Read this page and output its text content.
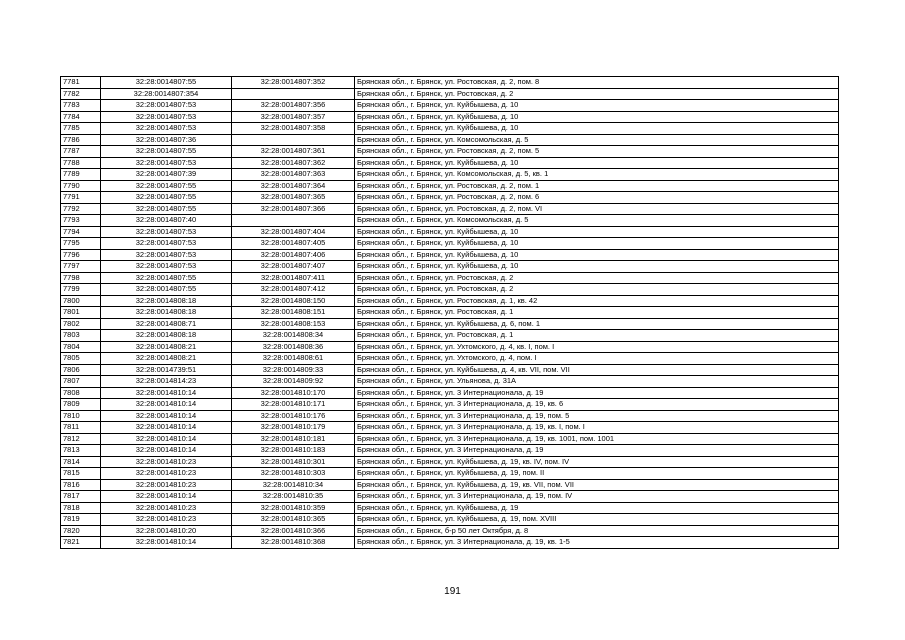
7781	32:28:0014807:55	32:28:0014807:352	Брянская обл., г. Брянск, ул. Ростовская, д. 2, пом. 8
7782	32:28:0014807:354		Брянская обл., г. Брянск, ул. Ростовская, д. 2
7783	32:28:0014807:53	32:28:0014807:356	Брянская обл., г. Брянск, ул. Куйбышева, д. 10
7784	32:28:0014807:53	32:28:0014807:357	Брянская обл., г. Брянск, ул. Куйбышева, д. 10
7785	32:28:0014807:53	32:28:0014807:358	Брянская обл., г. Брянск, ул. Куйбышева, д. 10
7786	32:28:0014807:36		Брянская обл., г. Брянск, ул. Комсомольская, д. 5
7787	32:28:0014807:55	32:28:0014807:361	Брянская обл., г. Брянск, ул. Ростовская, д. 2, пом. 5
7788	32:28:0014807:53	32:28:0014807:362	Брянская обл., г. Брянск, ул. Куйбышева, д. 10
7789	32:28:0014807:39	32:28:0014807:363	Брянская обл., г. Брянск, ул. Комсомольская, д. 5, кв. 1
7790	32:28:0014807:55	32:28:0014807:364	Брянская обл., г. Брянск, ул. Ростовская, д. 2, пом. 1
7791	32:28:0014807:55	32:28:0014807:365	Брянская обл., г. Брянск, ул. Ростовская, д. 2, пом. 6
7792	32:28:0014807:55	32:28:0014807:366	Брянская обл., г. Брянск, ул. Ростовская, д. 2, пом. VI
7793	32:28:0014807:40		Брянская обл., г. Брянск, ул. Комсомольская, д. 5
7794	32:28:0014807:53	32:28:0014807:404	Брянская обл., г. Брянск, ул. Куйбышева, д. 10
7795	32:28:0014807:53	32:28:0014807:405	Брянская обл., г. Брянск, ул. Куйбышева, д. 10
7796	32:28:0014807:53	32:28:0014807:406	Брянская обл., г. Брянск, ул. Куйбышева, д. 10
7797	32:28:0014807:53	32:28:0014807:407	Брянская обл., г. Брянск, ул. Куйбышева, д. 10
7798	32:28:0014807:55	32:28:0014807:411	Брянская обл., г. Брянск, ул. Ростовская, д. 2
7799	32:28:0014807:55	32:28:0014807:412	Брянская обл., г. Брянск, ул. Ростовская, д. 2
7800	32:28:0014808:18	32:28:0014808:150	Брянская обл., г. Брянск, ул. Ростовская, д. 1, кв. 42
7801	32:28:0014808:18	32:28:0014808:151	Брянская обл., г. Брянск, ул. Ростовская, д. 1
7802	32:28:0014808:71	32:28:0014808:153	Брянская обл., г. Брянск, ул. Куйбышева, д. 6, пом. 1
7803	32:28:0014808:18	32:28:0014808:34	Брянская обл., г. Брянск, ул. Ростовская, д. 1
7804	32:28:0014808:21	32:28:0014808:36	Брянская обл., г. Брянск, ул. Ухтомского, д. 4, кв. I, пом. I
7805	32:28:0014808:21	32:28:0014808:61	Брянская обл., г. Брянск, ул. Ухтомского, д. 4, пом. I
7806	32:28:0014739:51	32:28:0014809:33	Брянская обл., г. Брянск, ул. Куйбышева, д. 4, кв. VII, пом. VII
7807	32:28:0014814:23	32:28:0014809:92	Брянская обл., г. Брянск, ул. Ульянова, д. 31А
7808	32:28:0014810:14	32:28:0014810:170	Брянская обл., г. Брянск, ул. 3 Интернационала, д. 19
7809	32:28:0014810:14	32:28:0014810:171	Брянская обл., г. Брянск, ул. 3 Интернационала, д. 19, кв. 6
7810	32:28:0014810:14	32:28:0014810:176	Брянская обл., г. Брянск, ул. 3 Интернационала, д. 19, пом. 5
7811	32:28:0014810:14	32:28:0014810:179	Брянская обл., г. Брянск, ул. 3 Интернационала, д. 19, кв. I, пом. I
7812	32:28:0014810:14	32:28:0014810:181	Брянская обл., г. Брянск, ул. 3 Интернационала, д. 19, кв. 1001, пом. 1001
7813	32:28:0014810:14	32:28:0014810:183	Брянская обл., г. Брянск, ул. 3 Интернационала, д. 19
7814	32:28:0014810:23	32:28:0014810:301	Брянская обл., г. Брянск, ул. Куйбышева, д. 19, кв. IV, пом. IV
7815	32:28:0014810:23	32:28:0014810:303	Брянская обл., г. Брянск, ул. Куйбышева, д. 19, пом. II
7816	32:28:0014810:23	32:28:0014810:34	Брянская обл., г. Брянск, ул. Куйбышева, д. 19, кв. VII, пом. VII
7817	32:28:0014810:14	32:28:0014810:35	Брянская обл., г. Брянск, ул. 3 Интернационала, д. 19, пом. IV
7818	32:28:0014810:23	32:28:0014810:359	Брянская обл., г. Брянск, ул. Куйбышева, д. 19
7819	32:28:0014810:23	32:28:0014810:365	Брянская обл., г. Брянск, ул. Куйбышева, д. 19, пом. XVIII
7820	32:28:0014810:20	32:28:0014810:366	Брянская обл., г. Брянск, б-р 50 лет Октября, д. 8
7821	32:28:0014810:14	32:28:0014810:368	Брянская обл., г. Брянск, ул. 3 Интернационала, д. 19, кв. 1-5
191
